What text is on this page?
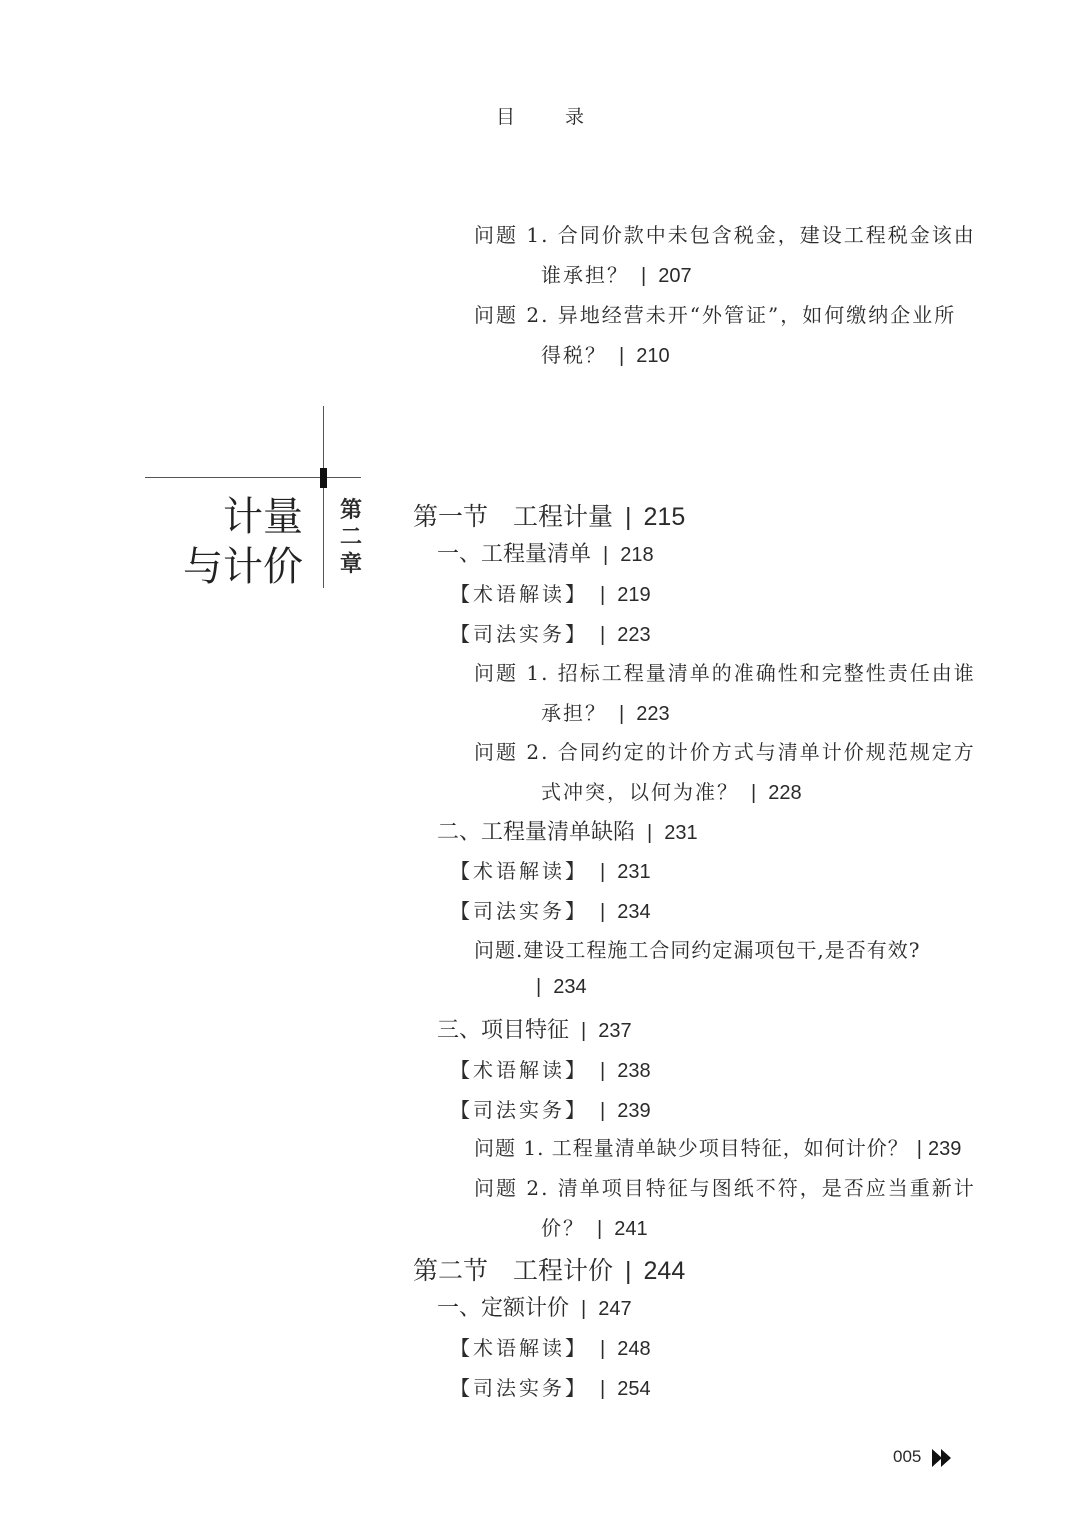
目 录
问题 1. 合同价款中未包含税金，建设工程税金该由
谁承担？ | 207
问题 2. 异地经营未开“外管证”，如何缴纳企业所
得税？ | 210
计量
与计价
第
二
章
第一节　工程计量 | 215
一、工程量清单 | 218
【术语解读】 | 219
【司法实务】 | 223
问题 1. 招标工程量清单的准确性和完整性责任由谁
承担？ | 223
问题 2. 合同约定的计价方式与清单计价规范规定方
式冲突，以何为准？ | 228
二、工程量清单缺陷 | 231
【术语解读】 | 231
【司法实务】 | 234
问题.建设工程施工合同约定漏项包干,是否有效?
| 234
三、项目特征 | 237
【术语解读】 | 238
【司法实务】 | 239
问题 1. 工程量清单缺少项目特征，如何计价？ | 239
问题 2. 清单项目特征与图纸不符，是否应当重新计
价？ | 241
第二节　工程计价 | 244
一、定额计价 | 247
【术语解读】 | 248
【司法实务】 | 254
005
